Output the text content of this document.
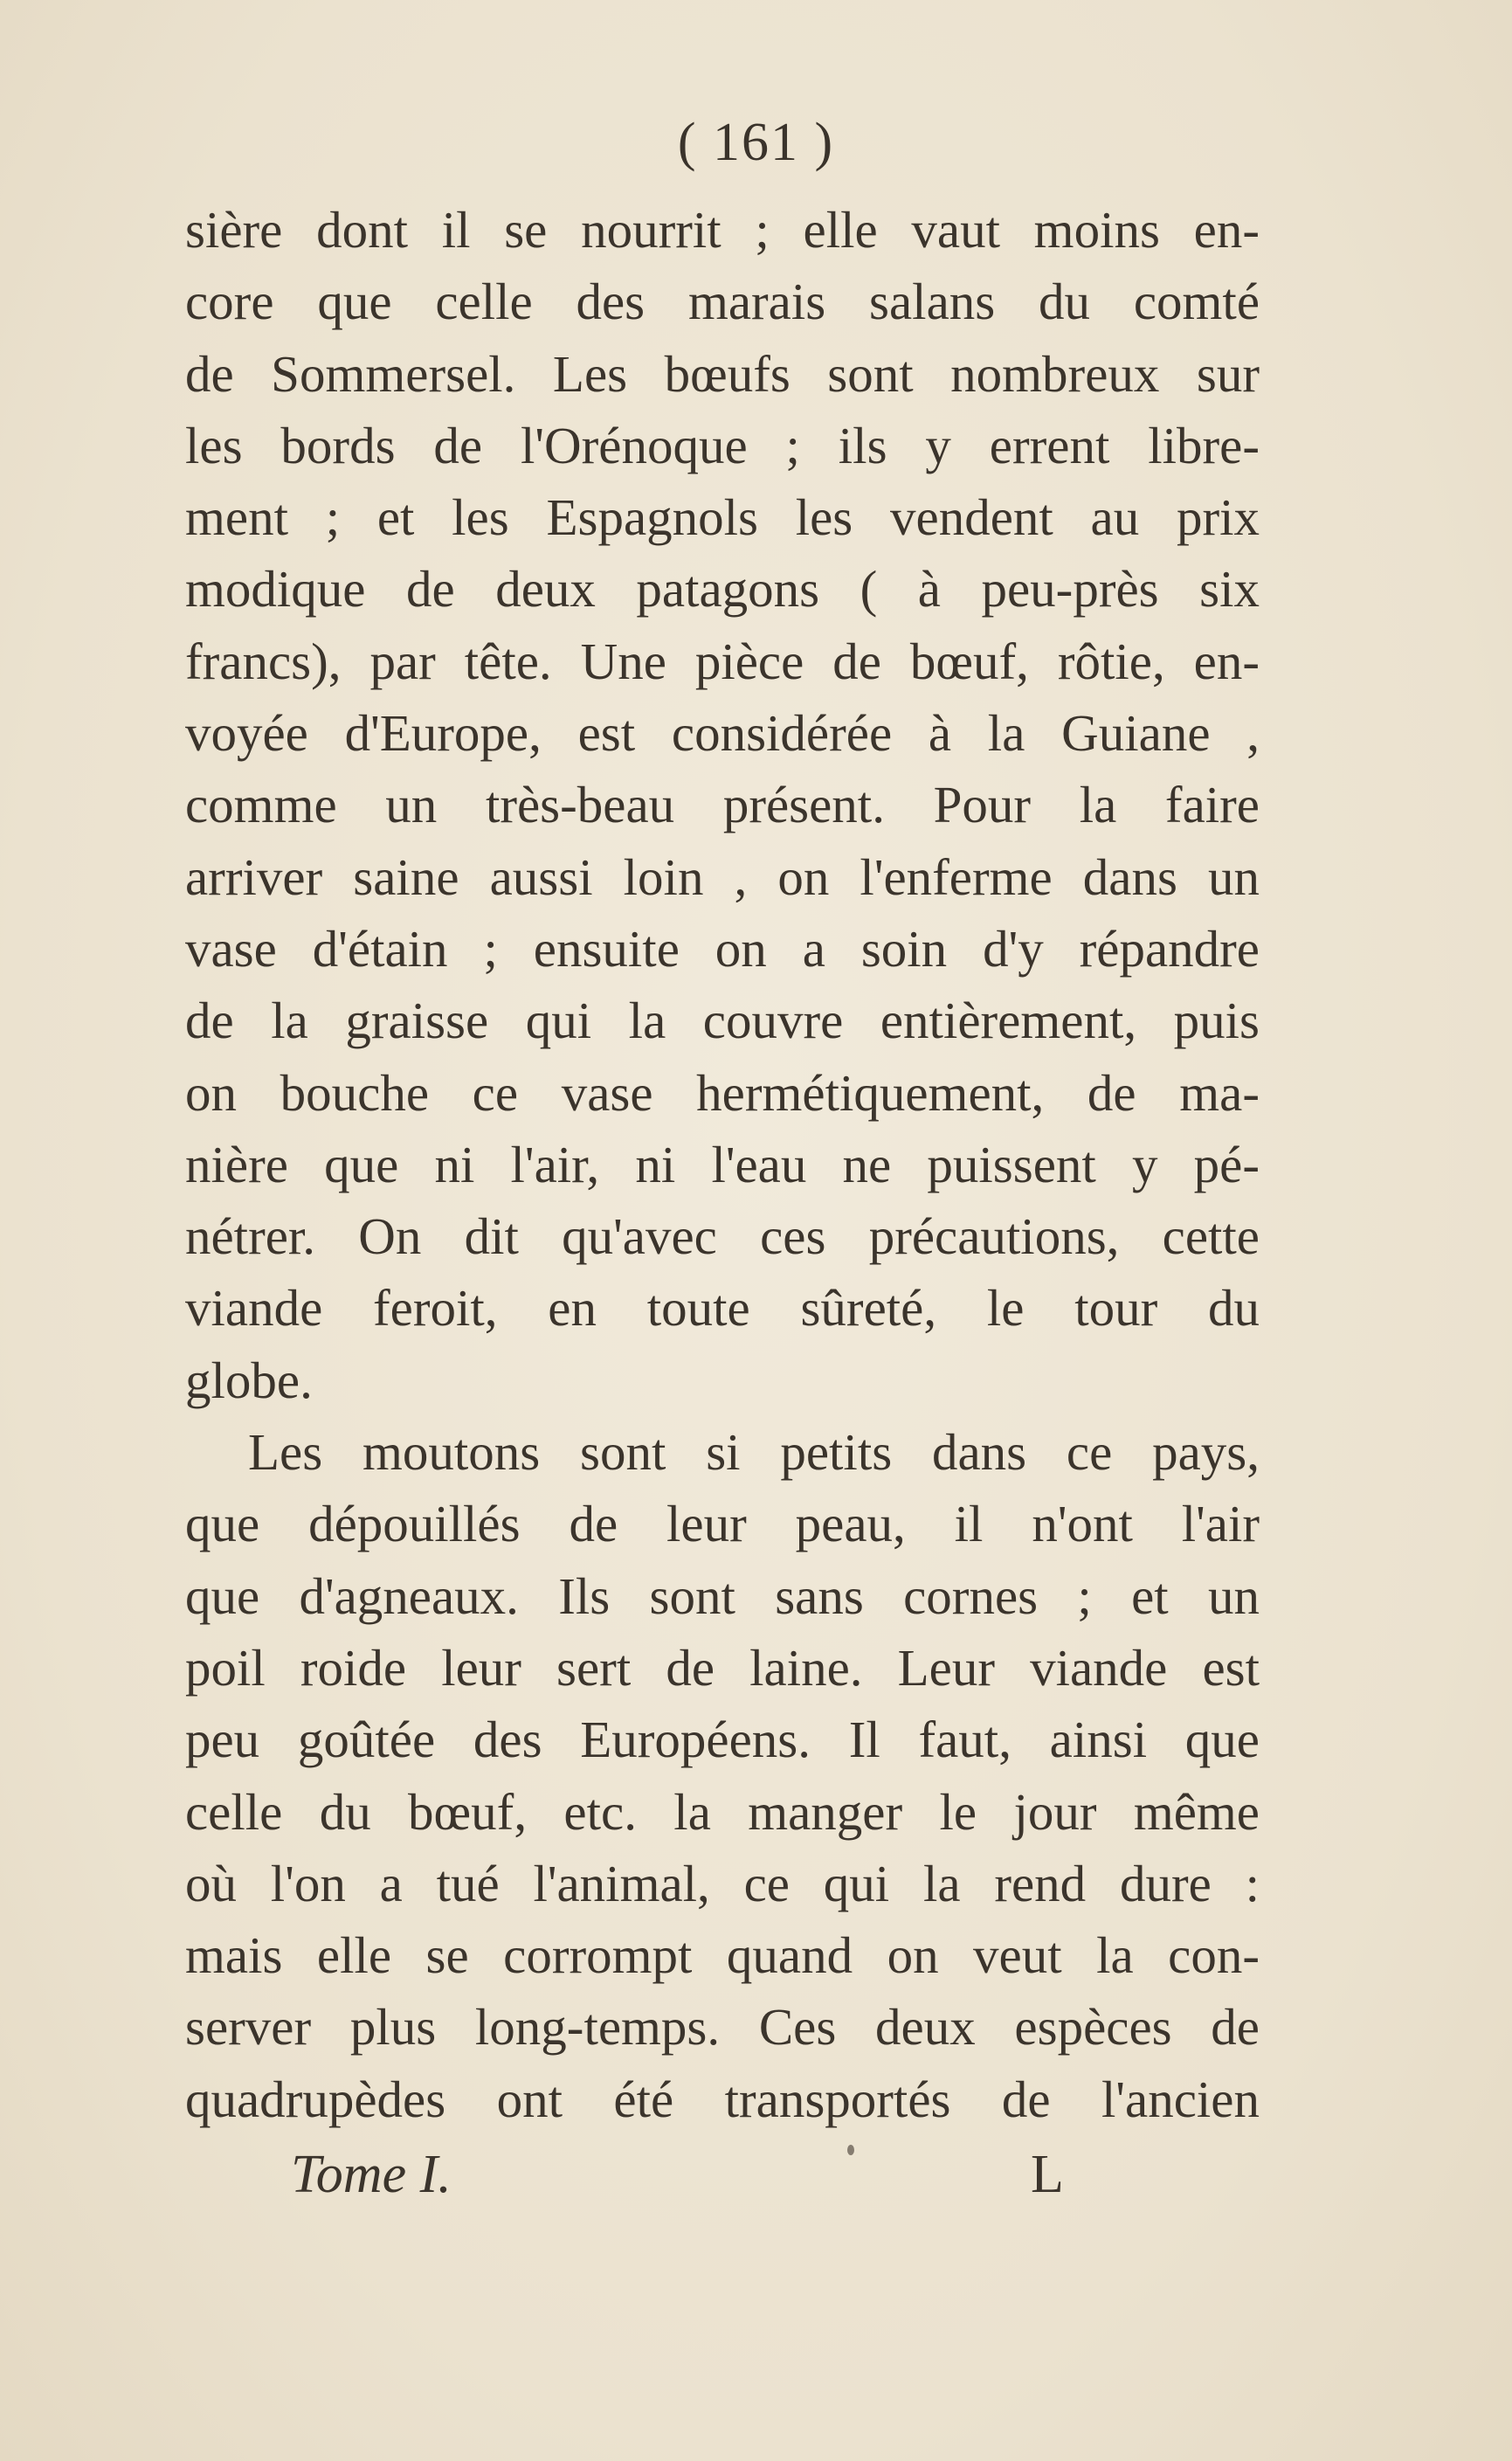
( 161 )
sière dont il se nourrit ; elle vaut moins en-
core que celle des marais salans du comté
de Sommersel. Les bœufs sont nombreux sur
les bords de l'Orénoque ; ils y errent libre-
ment ; et les Espagnols les vendent au prix
modique de deux patagons ( à peu-près six
francs), par tête. Une pièce de bœuf, rôtie, en-
voyée d'Europe, est considérée à la Guiane ,
comme un très-beau présent. Pour la faire
arriver saine aussi loin , on l'enferme dans un
vase d'étain ; ensuite on a soin d'y répandre
de la graisse qui la couvre entièrement, puis
on bouche ce vase hermétiquement, de ma-
nière que ni l'air, ni l'eau ne puissent y pé-
nétrer. On dit qu'avec ces précautions, cette
viande feroit, en toute sûreté, le tour du
globe.
Les moutons sont si petits dans ce pays,
que dépouillés de leur peau, il n'ont l'air
que d'agneaux. Ils sont sans cornes ; et un
poil roide leur sert de laine. Leur viande est
peu goûtée des Européens. Il faut, ainsi que
celle du bœuf, etc. la manger le jour même
où l'on a tué l'animal, ce qui la rend dure :
mais elle se corrompt quand on veut la con-
server plus long-temps. Ces deux espèces de
quadrupèdes ont été transportés de l'ancien
Tome I.	L
